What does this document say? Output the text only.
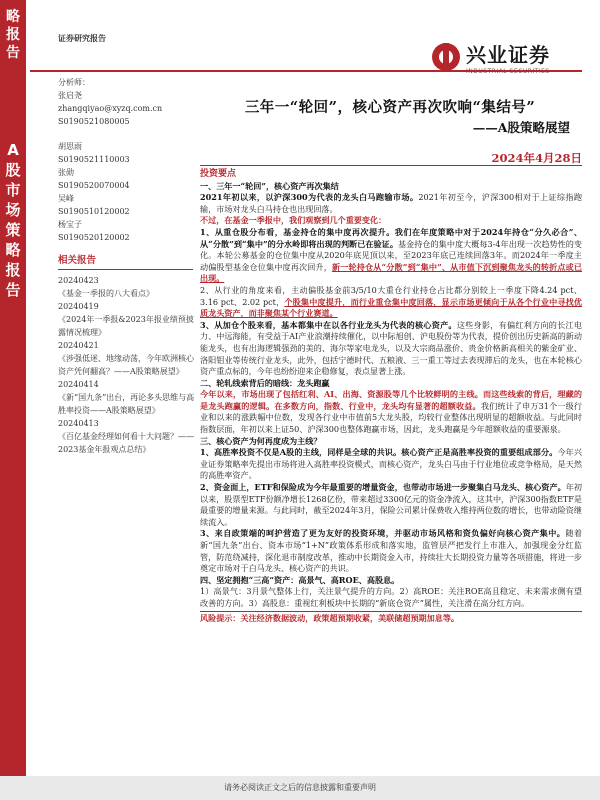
略报告
A股市场策略报告
证券研究报告
兴业证券
分析师：
张启尧
zhangqiyao@xyzq.com.cn
S0190521080005
胡思雨
S0190521110003
张勋
S0190520070004
吴峰
S0190510120002
杨宝子
S0190520120002
相关报告
20240423
《基金一季报的八大看点》
20240419
《2024年一季报&2023年报业绩预披露情况梳理》
20240421
《涉强低迷、地缘动荡，今年欧洲核心资产凭何翻高？——A股策略展望》
20240414
《新“国九条”出台，再论多头思维与高胜率投资——A股策略展望》
20240413
《百亿基金经理如何看十大问题？——2023基金年报观点总结》
三年一“轮回”，核心资产再次吹响“集结号”
——A股策略展望
2024年4月28日
投资要点
一、三年一“轮回”，核心资产再次集结

2021年初以来，以沪深300为代表的龙头白马跑输市场。2021年初至今，沪深300相对于上证综指跑输，市场对龙头白马持仓也出现回落。

不过，在基金一季报中，我们观察到几个重要变化：

1、从重仓股分布看，基金持仓的集中度再次提升。我们在年度策略中对于2024年持仓“分久必合”、从“分散”到“集中”的分水岭即将出现的判断已在验证。基金持仓的集中度大概每3-4年出现一次趋势性的变化。本轮公募基金的仓位集中度从2020年底见顶以来，至2023年底已连续回落3年。而2024年一季度主动偏股型基金仓位集中度再次回升，新一轮持仓从“分散”到“集中”、从市值下沉到聚焦龙头的转折点或已出现。

2、从行业的角度来看，主动偏股基金前3/5/10大重仓行业持仓占比都分别较上一季度下降4.24 pct、3.16 pct、2.02 pct，个股集中度提升，而行业重仓集中度回落，显示市场更倾向于从各个行业中寻找优质龙头资产，而非聚焦某个行业赛道。

3、从加仓个股来看，基本都集中在以各行业龙头为代表的核心资产。这些身影，有偏红利方向的长江电力、中远海能，有受益于AI产业浪潮持续催化，以中际旭创、沪电股份等为代表，提价创出历史新高的新动能龙头，也有出海逻辑强劲的美的、海尔等家电龙头，以及大宗商品涨价、贵金价格新高相关的紫金矿业、洛阳钼业等传统行业龙头，此外，包括宁德时代、五粮液、三一重工等过去表现滞后的龙头，也在本轮核心资产重点标的，今年也纷纷迎来企稳修复，表点显著上涨。

二、轮轧线索背后的暗线：龙头跑赢

今年以来，市场出现了包括红利、AI、出海、资源股等几个比较鲜明的主线。而这些线索的背后，理藏的是龙头跑赢的逻辑。在多数方向，指数、行业中，龙头均有显著的超额收益。我们统计了申万31个一级行业和以来的涨跌幅中位数，发现各行业中市值前5大龙头股，均较行业整体出现明显的超额收益。与此同时指数层面，年初以来上证50、沪深300也整体跑赢市场，因此，龙头跑赢是今年超额收益的重要源泉。

三、核心资产为何再度成为主线？

1、高胜率投资不仅是A股的主线，同样是全球的共识。核心资产正是高胜率投资的重要组成部分。今年兴业证券策略率先提出市场将进入高胜率投资模式，而核心资产，龙头白马由于行业地位或竞争格局，是天然的高胜率资产。

2、资金面上，ETF和保险成为今年最重要的增量资金，也带动市场进一步聚集白马龙头、核心资产。年初以来，股票型ETF份额净增长1268亿份，带来超过3300亿元的资金净流入，这其中，沪深300指数ETF是最重要的增量来源。与此同时，截至2024年3月，保险公司累计保费收入维持两位数的增长，也带动险资继续流入。

3、来自政策端的呵护营造了更为友好的投资环境，并驱动市场风格和资负偏好向核心资产集中。随着新“国九条”出台、资本市场“1+N”政策体系形成和落实地，监管层严把发行上市准入，加强现金分红监管，防范绕减持，深化退市制度改革，推动中长期资金入市，持续壮大长期投资力量等各项措施，将进一步奠定市场对于白马龙头、核心资产的共识。

四、坚定拥抱“三高”资产：高景气、高ROE、高股息。

1）高景气：3月景气整体上行，关注景气提升的方向。2）高ROE：关注ROE高且稳定、未来需求侧有望改善的方向。3）高股息：重视红利板块中长期的“新底仓资产”属性，关注滑在高分红方向。

风险提示：关注经济数据波动，政策超预期收紧，美联储超预期加息等。

请务必阅读正文之后的信息披露和重要声明
